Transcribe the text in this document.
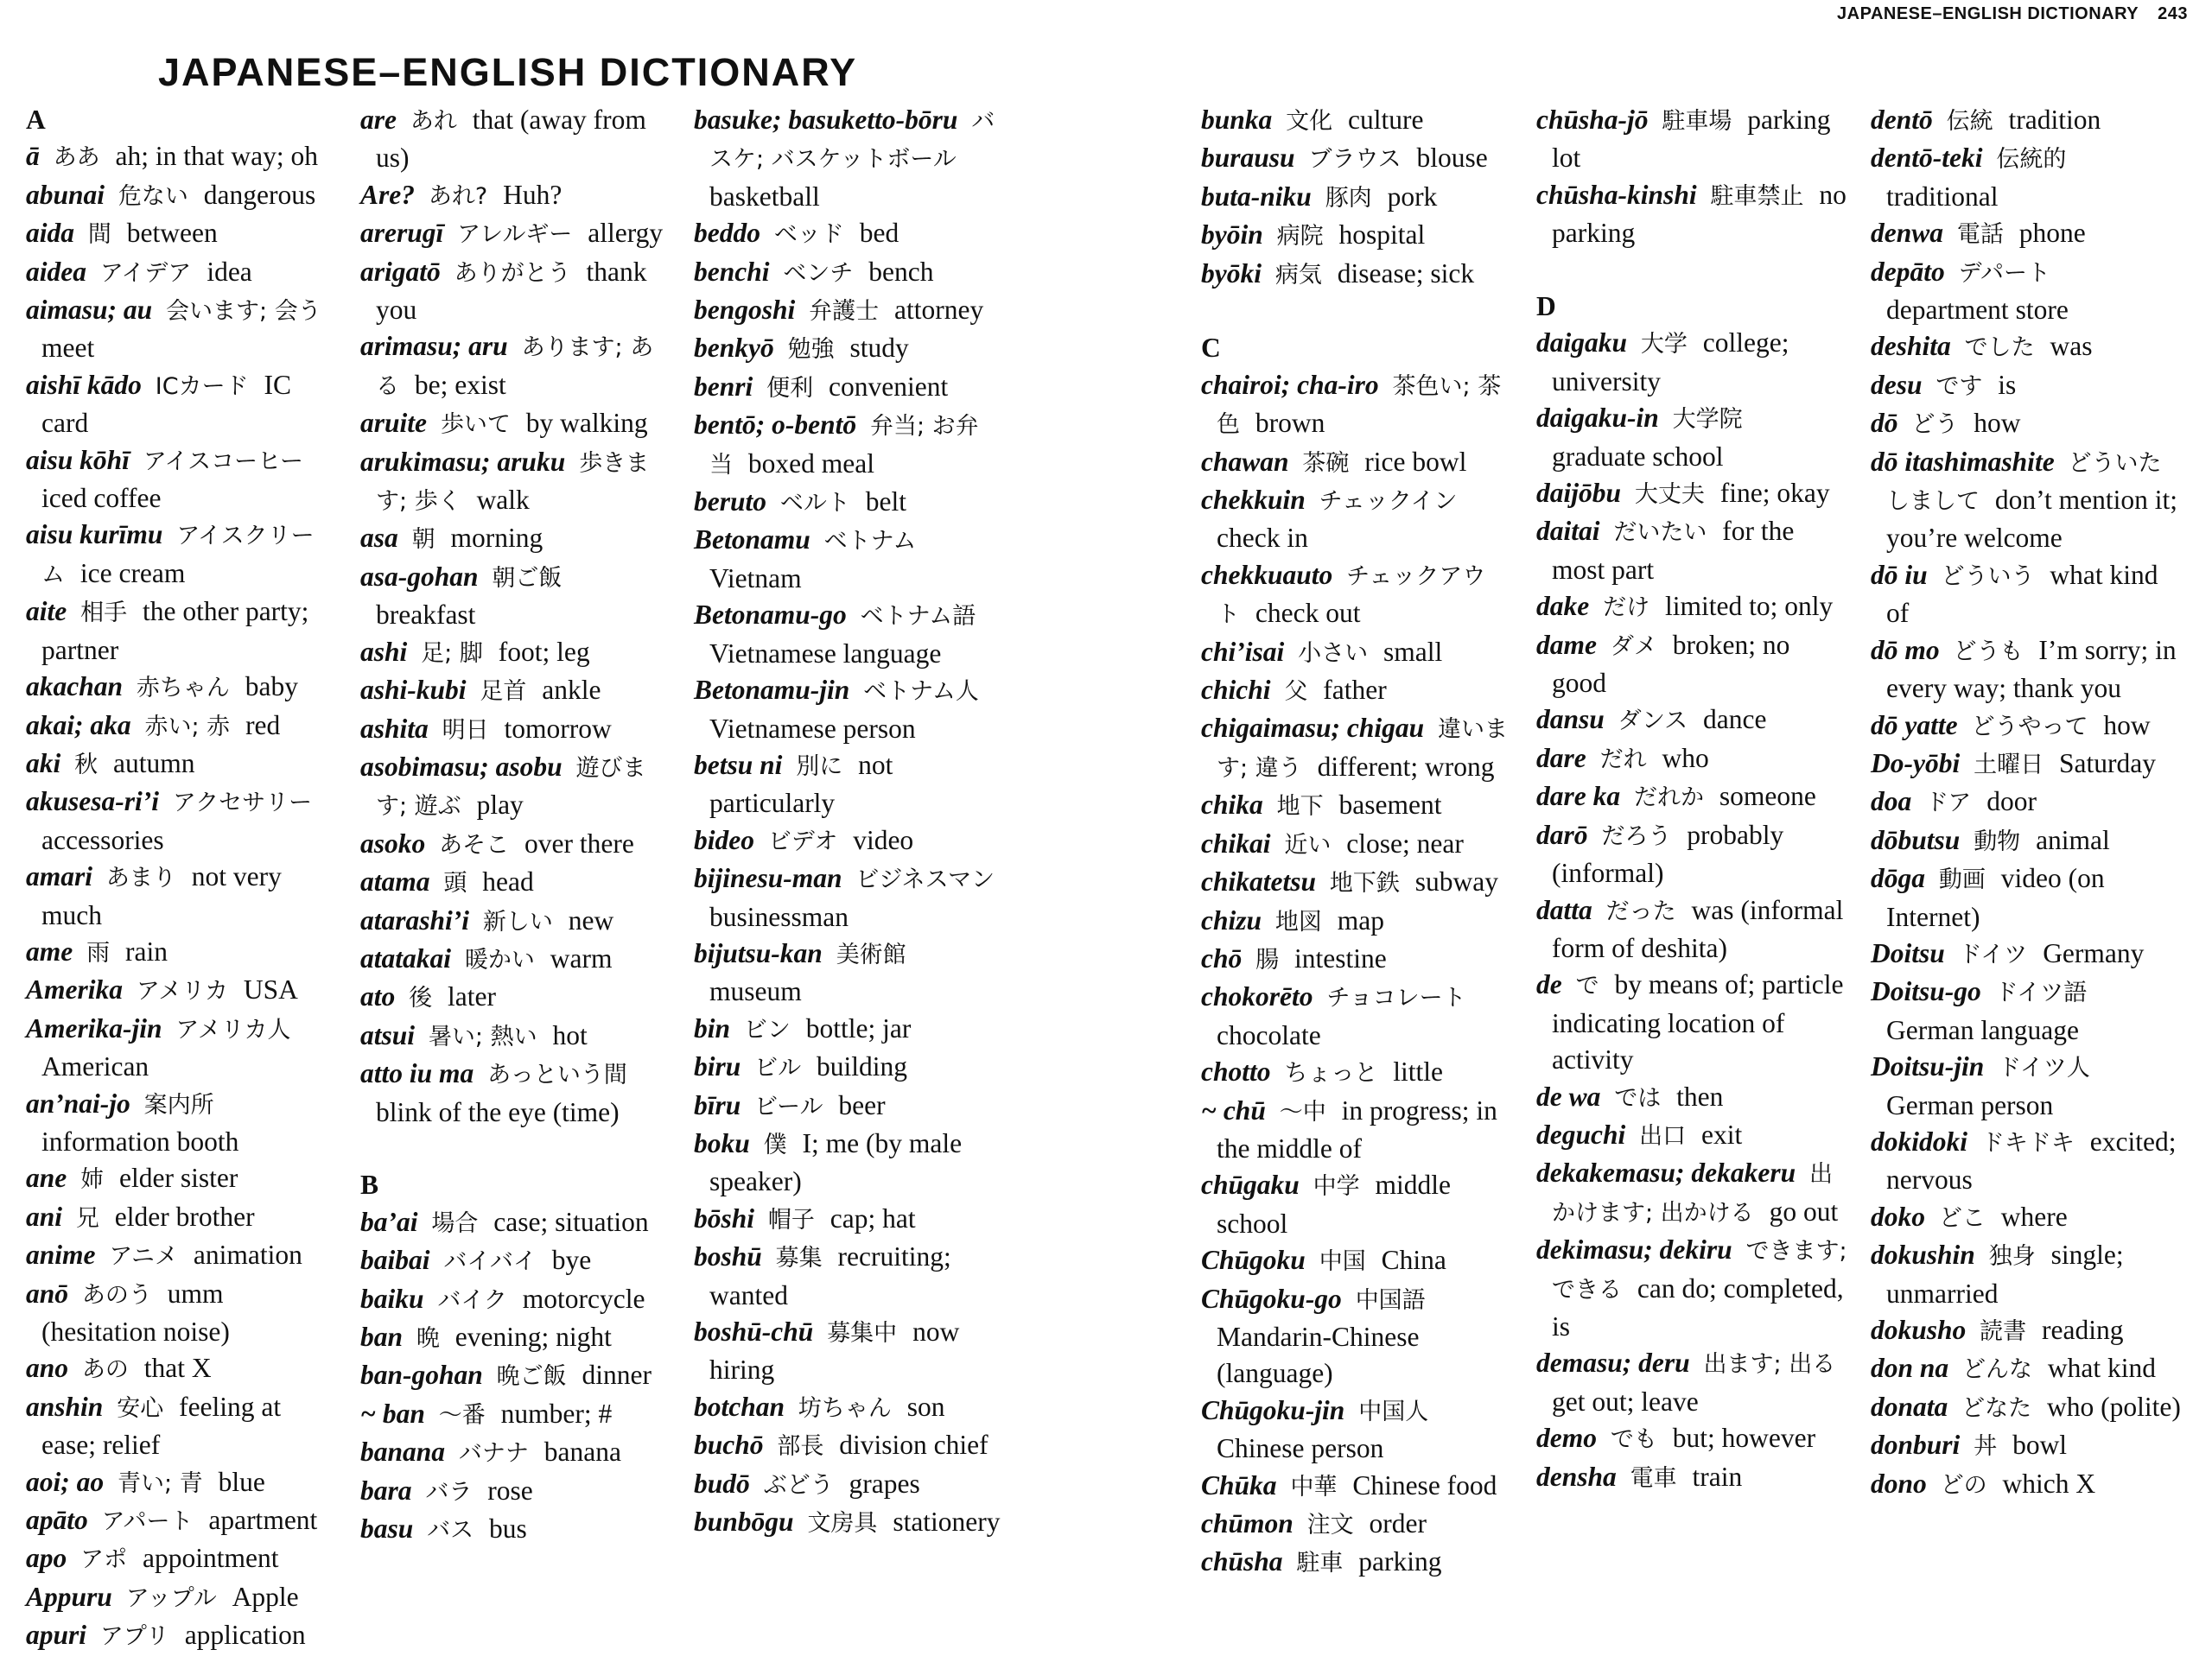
JAPANESE–ENGLISH DICTIONARY
A
ā ああ ah; in that way; oh
abunai 危ない dangerous
aida 間 between
aidea アイデア idea
aimasu; au 会います; 会う meet
aishī kādo ICカード IC card
aisu kōhī アイスコーヒー iced coffee
aisu kurīmu アイスクリーム ice cream
aite 相手 the other party; partner
akachan 赤ちゃん baby
akai; aka 赤い; 赤 red
aki 秋 autumn
akusesa-ri’i アクセサリー accessories
amari あまり not very much
ame 雨 rain
Amerika アメリカ USA
Amerika-jin アメリカ人 American
an’nai-jo 案内所 information booth
ane 姉 elder sister
ani 兄 elder brother
anime アニメ animation
anō あのう umm (hesitation noise)
ano あの that X
anshin 安心 feeling at ease; relief
aoi; ao 青い; 青 blue
apāto アパート apartment
apo アポ appointment
Appuru アップル Apple
apuri アプリ application
are あれ that (away from us)
Are? あれ? Huh?
arerugī アレルギー allergy
arigatō ありがとう thank you
arimasu; aru あります; ある be; exist
aruite 歩いて by walking
arukimasu; aruku 歩きます; 歩く walk
asa 朝 morning
asa-gohan 朝ご飯 breakfast
ashi 足; 脚 foot; leg
ashi-kubi 足首 ankle
ashita 明日 tomorrow
asobimasu; asobu 遊びます; 遊ぶ play
asoko あそこ over there
atama 頭 head
atarashi’i 新しい new
atatakai 暖かい warm
ato 後 later
atsui 暑い; 熱い hot
atto iu ma あっという間 blink of the eye (time)
B
ba’ai 場合 case; situation
baibai バイバイ bye
baiku バイク motorcycle
ban 晩 evening; night
ban-gohan 晩ご飯 dinner
~ ban 〜番 number; #
banana バナナ banana
bara バラ rose
basu バス bus
basuke; basuketto-bōru バスケ; バスケットボール basketball
beddo ベッド bed
benchi ベンチ bench
bengoshi 弁護士 attorney
benkyō 勉強 study
benri 便利 convenient
bentō; o-bentō 弁当; お弁当 boxed meal
beruto ベルト belt
Betonamu ベトナム Vietnam
Betonamu-go ベトナム語 Vietnamese language
Betonamu-jin ベトナム人 Vietnamese person
betsu ni 別に not particularly
bideo ビデオ video
bijinesu-man ビジネスマン businessman
bijutsu-kan 美術館 museum
bin ビン bottle; jar
biru ビル building
bīru ビール beer
boku 僕 I; me (by male speaker)
bōshi 帽子 cap; hat
boshū 募集 recruiting; wanted
boshū-chū 募集中 now hiring
botchan 坊ちゃん son
buchō 部長 division chief
budō ぶどう grapes
bunbōgu 文房具 stationery
JAPANESE–ENGLISH DICTIONARY 243
bunka 文化 culture
burausu ブラウス blouse
buta-niku 豚肉 pork
byōin 病院 hospital
byōki 病気 disease; sick
C
chairoi; cha-iro 茶色い; 茶色 brown
chawan 茶碗 rice bowl
chekkuin チェックイン check in
chekkuauto チェックアウト check out
chi’isai 小さい small
chichi 父 father
chigaimasu; chigau 違います; 違う different; wrong
chika 地下 basement
chikai 近い close; near
chikatetsu 地下鉄 subway
chizu 地図 map
chō 腸 intestine
chokorēto チョコレート chocolate
chotto ちょっと little
~ chū 〜中 in progress; in the middle of
chūgaku 中学 middle school
Chūgoku 中国 China
Chūgoku-go 中国語 Mandarin-Chinese (language)
Chūgoku-jin 中国人 Chinese person
Chūka 中華 Chinese food
chūmon 注文 order
chūsha 駐車 parking
chūsha-jō 駐車場 parking lot
chūsha-kinshi 駐車禁止 no parking
D
daigaku 大学 college; university
daigaku-in 大学院 graduate school
daijōbu 大丈夫 fine; okay
daitai だいたい for the most part
dake だけ limited to; only
dame ダメ broken; no good
dansu ダンス dance
dare だれ who
dare ka だれか someone
darō だろう probably (informal)
datta だった was (informal form of deshita)
de で by means of; particle indicating location of activity
de wa では then
deguchi 出口 exit
dekakemasu; dekakeru 出かけます; 出かける go out
dekimasu; dekiru できます; できる can do; completed, is
demasu; deru 出ます; 出る get out; leave
demo でも but; however
densha 電車 train
dentō 伝統 tradition
dentō-teki 伝統的 traditional
denwa 電話 phone
depāto デパート department store
deshita でした was
desu です is
dō どう how
dō itashimashite どういたしまして don’t mention it; you’re welcome
dō iu どういう what kind of
dō mo どうも I’m sorry; in every way; thank you
dō yatte どうやって how
Do-yōbi 土曜日 Saturday
doa ドア door
dōbutsu 動物 animal
dōga 動画 video (on Internet)
Doitsu ドイツ Germany
Doitsu-go ドイツ語 German language
Doitsu-jin ドイツ人 German person
dokidoki ドキドキ excited; nervous
doko どこ where
dokushin 独身 single; unmarried
dokusho 読書 reading
don na どんな what kind
donata どなた who (polite)
donburi 丼 bowl
dono どの which X
